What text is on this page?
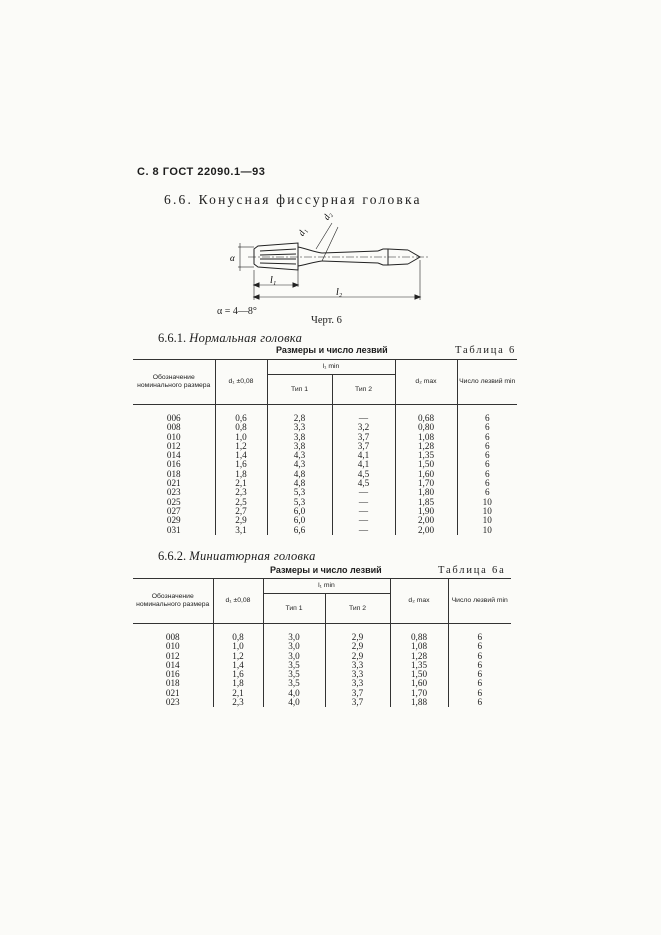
С. 8 ГОСТ 22090.1—93
6.6. Конусная фиссурная головка
α
d₂
d₁
l₁
l₂
α = 4—8°
Черт. 6
6.6.1. Нормальная головка
Размеры и число лезвий	Таблица 6
Обозначение номинального размера	d₁ ±0,08	l₁ min		d₂ max	Число лезвий min
		Тип 1	Тип 2		

006	0,6	2,8	—	0,68	6
008	0,8	3,3	3,2	0,80	6
010	1,0	3,8	3,7	1,08	6
012	1,2	3,8	3,7	1,28	6
014	1,4	4,3	4,1	1,35	6
016	1,6	4,3	4,1	1,50	6
018	1,8	4,8	4,5	1,60	6
021	2,1	4,8	4,5	1,70	6
023	2,3	5,3	—	1,80	6
025	2,5	5,3	—	1,85	10
027	2,7	6,0	—	1,90	10
029	2,9	6,0	—	2,00	10
031	3,1	6,6	—	2,00	10
6.6.2. Миниатюрная головка
Размеры и число лезвий	Таблица 6а
Обозначение номинального размера	d₁ ±0,08	l₁ min		d₂ max	Число лезвий min
		Тип 1	Тип 2		

008	0,8	3,0	2,9	0,88	6
010	1,0	3,0	2,9	1,08	6
012	1,2	3,0	2,9	1,28	6
014	1,4	3,5	3,3	1,35	6
016	1,6	3,5	3,3	1,50	6
018	1,8	3,5	3,3	1,60	6
021	2,1	4,0	3,7	1,70	6
023	2,3	4,0	3,7	1,88	6
